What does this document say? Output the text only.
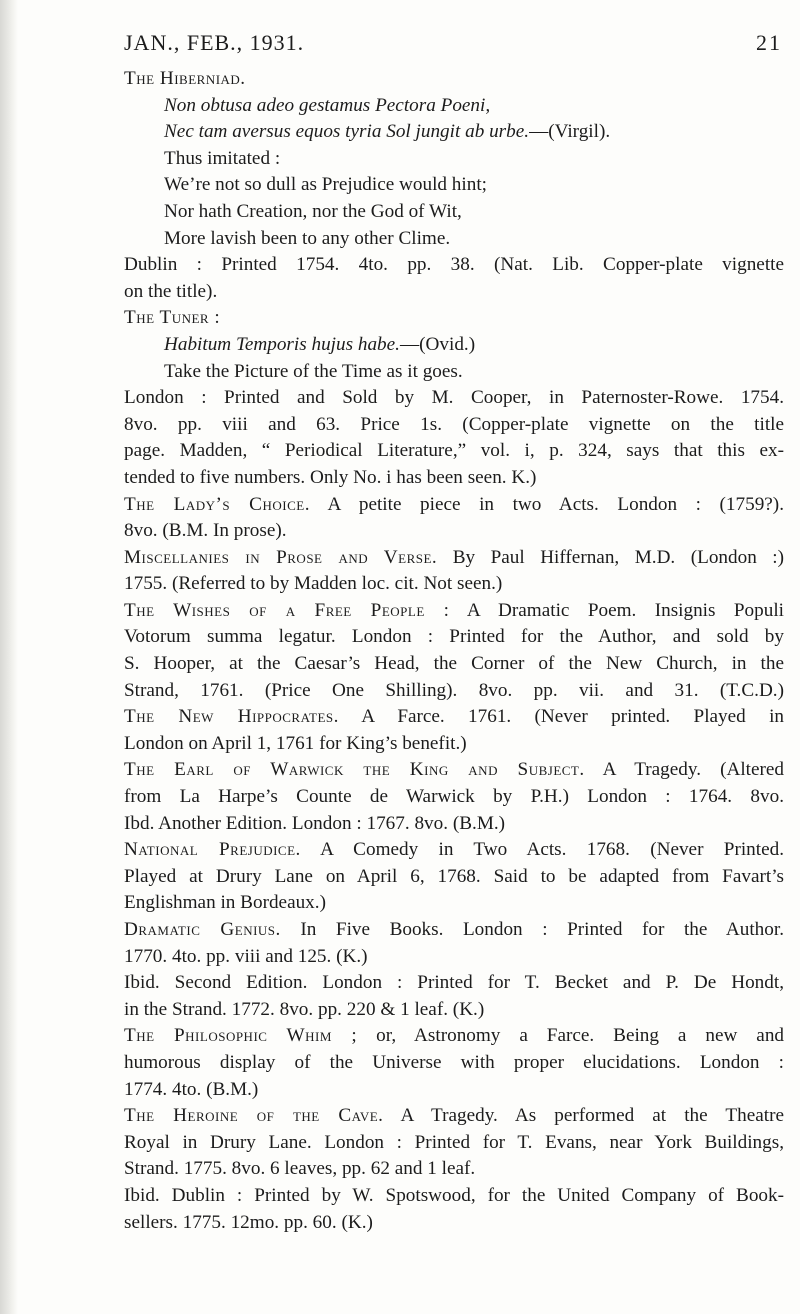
JAN., FEB., 1931.	21
The Hiberniad.
Non obtusa adeo gestamus Pectora Poeni,
Nec tam aversus equos tyria Sol jungit ab urbe.—(Virgil).
Thus imitated :
We’re not so dull as Prejudice would hint;
Nor hath Creation, nor the God of Wit,
More lavish been to any other Clime.
Dublin : Printed 1754. 4to. pp. 38. (Nat. Lib. Copper-plate vignette
on the title).
The Tuner :
Habitum Temporis hujus habe.—(Ovid.)
Take the Picture of the Time as it goes.
London : Printed and Sold by M. Cooper, in Paternoster-Rowe. 1754.
8vo. pp. viii and 63. Price 1s. (Copper-plate vignette on the title
page. Madden, “ Periodical Literature,” vol. i, p. 324, says that this ex-
tended to five numbers. Only No. i has been seen. K.)
The Lady’s Choice. A petite piece in two Acts. London : (1759?).
8vo. (B.M. In prose).
Miscellanies in Prose and Verse. By Paul Hiffernan, M.D. (London :)
1755. (Referred to by Madden loc. cit. Not seen.)
The Wishes of a Free People : A Dramatic Poem. Insignis Populi
Votorum summa legatur. London : Printed for the Author, and sold by
S. Hooper, at the Caesar’s Head, the Corner of the New Church, in the
Strand, 1761. (Price One Shilling). 8vo. pp. vii. and 31. (T.C.D.)
The New Hippocrates. A Farce. 1761. (Never printed. Played in
London on April 1, 1761 for King’s benefit.)
The Earl of Warwick the King and Subject. A Tragedy. (Altered
from La Harpe’s Counte de Warwick by P.H.) London : 1764. 8vo.
Ibd. Another Edition. London : 1767. 8vo. (B.M.)
National Prejudice. A Comedy in Two Acts. 1768. (Never Printed.
Played at Drury Lane on April 6, 1768. Said to be adapted from Favart’s
Englishman in Bordeaux.)
Dramatic Genius. In Five Books. London : Printed for the Author.
1770. 4to. pp. viii and 125. (K.)
Ibid. Second Edition. London : Printed for T. Becket and P. De Hondt,
in the Strand. 1772. 8vo. pp. 220 & 1 leaf. (K.)
The Philosophic Whim ; or, Astronomy a Farce. Being a new and
humorous display of the Universe with proper elucidations. London :
1774. 4to. (B.M.)
The Heroine of the Cave. A Tragedy. As performed at the Theatre
Royal in Drury Lane. London : Printed for T. Evans, near York Buildings,
Strand. 1775. 8vo. 6 leaves, pp. 62 and 1 leaf.
Ibid. Dublin : Printed by W. Spotswood, for the United Company of Book-
sellers. 1775. 12mo. pp. 60. (K.)
